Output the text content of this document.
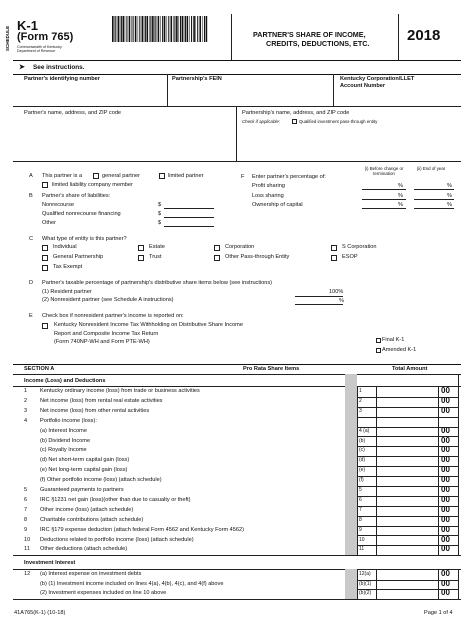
SCHEDULE
K-1
(Form 765)
Commonwealth of Kentucky
Department of Revenue
PARTNER'S SHARE OF INCOME,
CREDITS, DEDUCTIONS, ETC.	2018
➤ See instructions.
Partner's identifying number	Partnership's FEIN	Kentucky Corporation/LLET
Account Number
Partner's name, address, and ZIP code	Partnership's name, address, and ZIP code
Check if applicable:	Qualified investment pass-through entity
A This partner is a	general partner	limited partner
limited liability company member
B Partner's share of liabilities:
Nonrecourse	$
Qualified nonrecourse financing	$
Other	$
(i) Before change or termination
(ii) End of year
F Enter partner's percentage of:
Profit sharing	%	%
Loss sharing	%	%
Ownership of capital	%	%
C What type of entity is this partner?
Individual	Estate	Corporation	S Corporation
General Partnership	Trust	Other Pass-through Entity	ESOP
Tax Exempt
D Partner's taxable percentage of partnership's distributive share items below (see instructions)
(1) Resident partner	100%
(2) Nonresident partner (see Schedule A instructions)	%
E Check box if nonresident partner's income is reported on:
Kentucky Nonresident Income Tax Withholding on Distributive Share Income
Report and Composite Income Tax Return
(Form 740NP-WH and Form PTE-WH)	Final K-1
Amended K-1
SECTION A	Pro Rata Share Items	Total Amount
Income (Loss) and Deductions
1 Kentucky ordinary income (loss) from trade or business activities	1	00
2 Net income (loss) from rental real estate activities	2	00
3 Net income (loss) from other rental activities	3	00
4 Portfolio income (loss):
(a) Interest Income	4 (a)	00
(b) Dividend Income	(b)	00
(c) Royalty Income	(c)	00
(d) Net short-term capital gain (loss)	(d)	00
(e) Net long-term capital gain (loss)	(e)	00
(f) Other portfolio income (loss) (attach schedule)	(f)	00
5 Guaranteed payments to partners	5	00
6 IRC §1231 net gain (loss)(other than due to casualty or theft)	6	00
7 Other income (loss) (attach schedule)	7	00
8 Charitable contributions (attach schedule)	8	00
9 IRC §179 expense deduction (attach federal Form 4562 and Kentucky Form 4562)	9	00
10 Deductions related to portfolio income (loss) (attach schedule)	10	00
11 Other deductions (attach schedule)	11	00
Investment Interest
12 (a) Interest expense on investment debts	12(a)	00
(b) (1) Investment income included on lines 4(a), 4(b), 4(c), and 4(f) above	(b)(1)	00
(2) Investment expenses included on line 10 above	(b)(2)	00
41A765(K-1) (10-18)	Page 1 of 4
